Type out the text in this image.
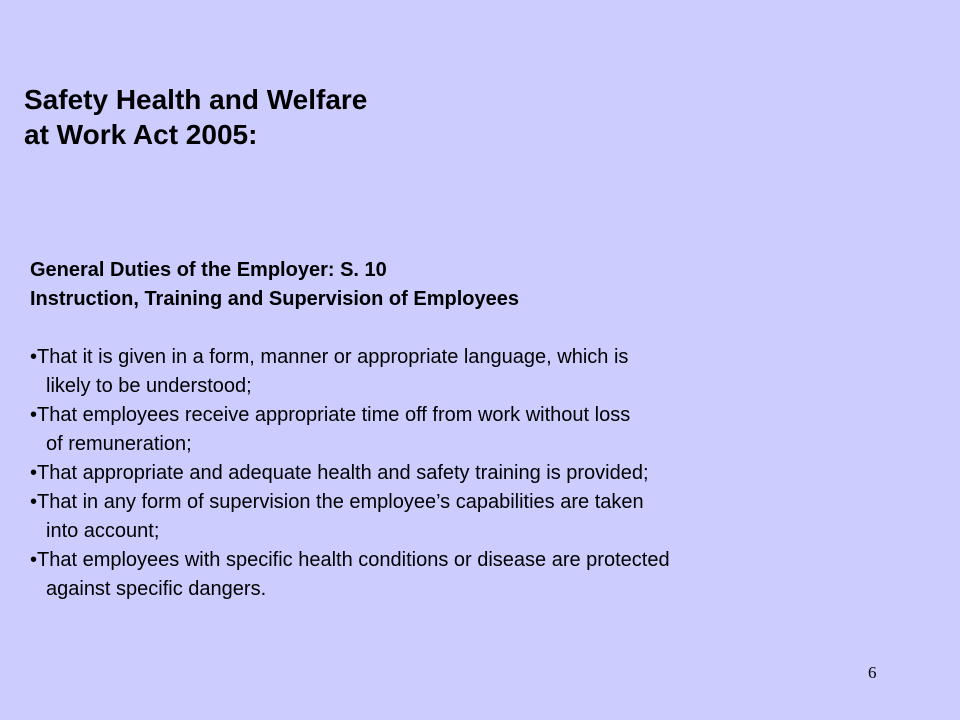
Safety Health and Welfare
at Work Act 2005:
General Duties of the Employer: S. 10
Instruction, Training and Supervision of Employees
•That it is given in a form, manner or appropriate language, which is
likely to be understood;
•That employees receive appropriate time off from work without loss
of remuneration;
•That appropriate and adequate health and safety training is provided;
•That in any form of supervision the employee’s capabilities are taken
into account;
•That employees with specific health conditions or disease are protected
against specific dangers.
6
